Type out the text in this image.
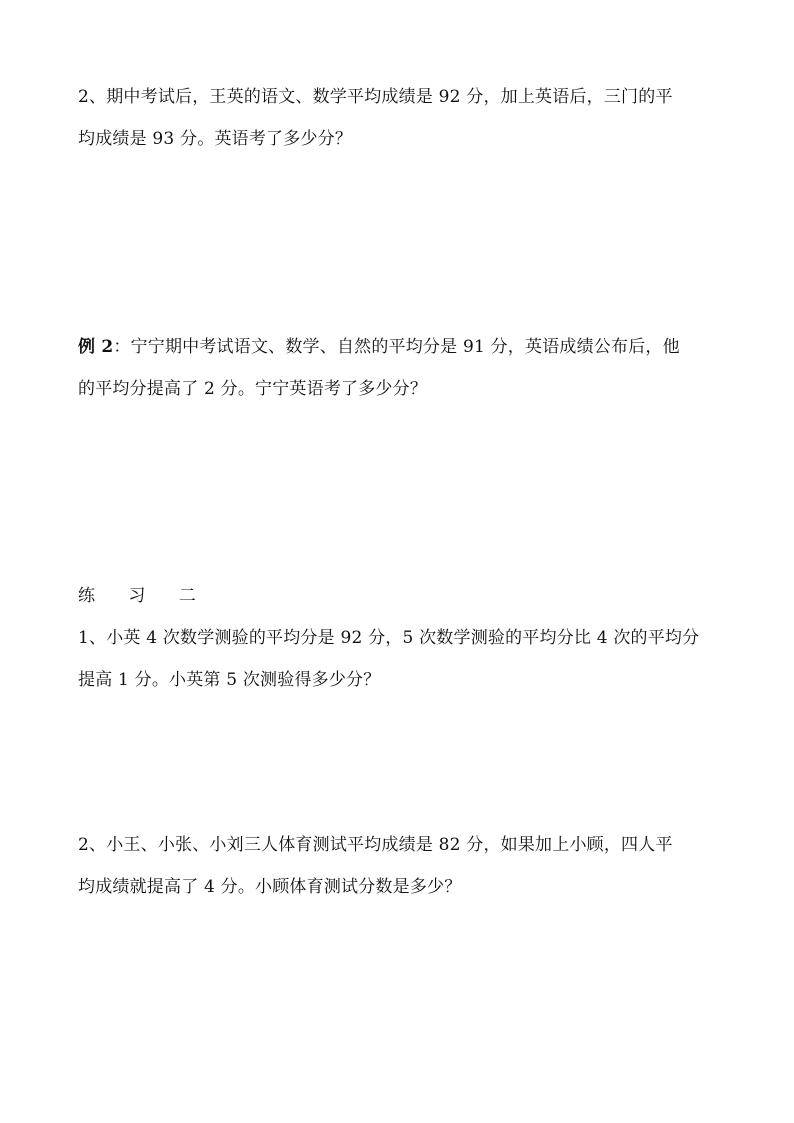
2、期中考试后，王英的语文、数学平均成绩是 92 分，加上英语后，三门的平
均成绩是 93 分。英语考了多少分？
例 2：宁宁期中考试语文、数学、自然的平均分是 91 分，英语成绩公布后，他
的平均分提高了 2 分。宁宁英语考了多少分？
练 习 二
1、小英 4 次数学测验的平均分是 92 分，5 次数学测验的平均分比 4 次的平均分
提高 1 分。小英第 5 次测验得多少分？
2、小王、小张、小刘三人体育测试平均成绩是 82 分，如果加上小顾，四人平
均成绩就提高了 4 分。小顾体育测试分数是多少？
